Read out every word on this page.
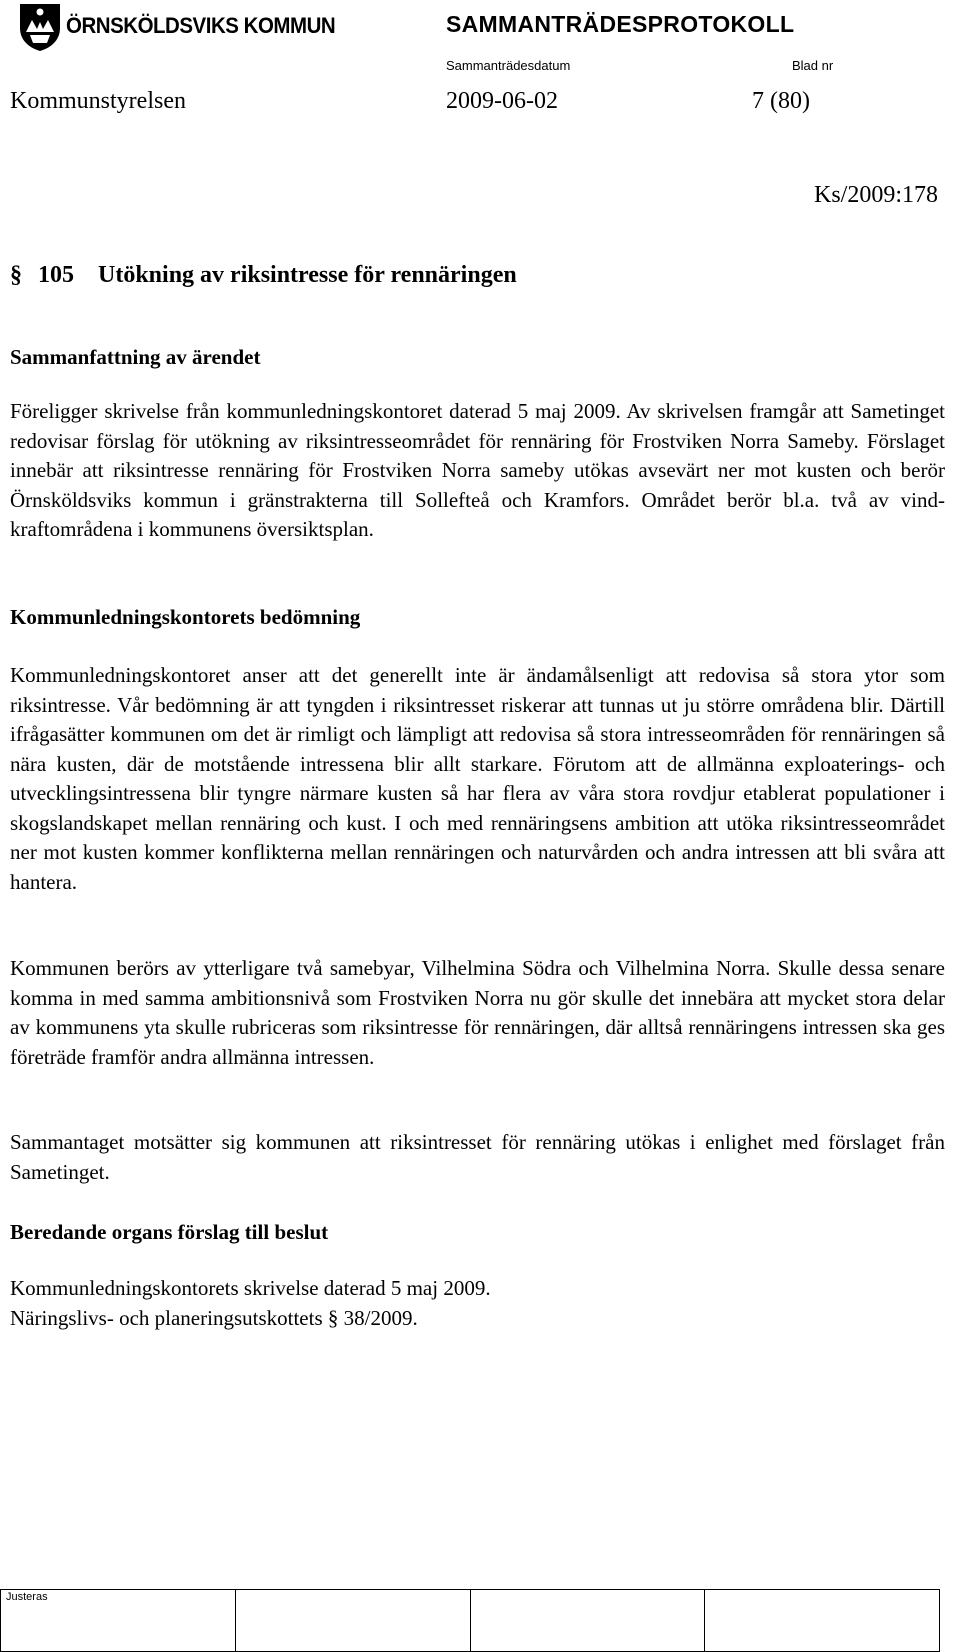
ÖRNSKÖLDSVIKS KOMMUN	SAMMANTRÄDESPROTOKOLL
Sammanträdesdatum	Blad nr
Kommunstyrelsen	2009-06-02	7 (80)
Ks/2009:178
§ 105 Utökning av riksintresse för rennäringen
Sammanfattning av ärendet

Föreligger skrivelse från kommunledningskontoret daterad 5 maj 2009. Av skrivelsen framgår att Sametinget redovisar förslag för utökning av riksintresseområdet för rennäring för Frostviken Norra Sameby. Förslaget innebär att riksintresse rennäring för Frostviken Norra sameby utökas avsevärt ner mot kusten och berör Örnsköldsviks kommun i gränstrakterna till Sollefteå och Kramfors. Området berör bl.a. två av vindkraftområdena i kommunens översiktsplan.

Kommunledningskontorets bedömning

Kommunledningskontoret anser att det generellt inte är ändamålsenligt att redovisa så stora ytor som riksintresse. Vår bedömning är att tyngden i riksintresset riskerar att tunnas ut ju större områdena blir. Därtill ifrågasätter kommunen om det är rimligt och lämpligt att redovisa så stora intresseområden för rennäringen så nära kusten, där de motstående intressena blir allt starkare. Förutom att de allmänna exploaterings- och utvecklingsintressena blir tyngre närmare kusten så har flera av våra stora rovdjur etablerat populationer i skogslandskapet mellan rennäring och kust. I och med rennäringsens ambition att utöka riksintresseområdet ner mot kusten kommer konflikterna mellan rennäringen och naturvården och andra intressen att bli svåra att hantera.

Kommunen berörs av ytterligare två samebyar, Vilhelmina Södra och Vilhelmina Norra. Skulle dessa senare komma in med samma ambitionsnivå som Frostviken Norra nu gör skulle det innebära att mycket stora delar av kommunens yta skulle rubriceras som riksintresse för rennäringen, där alltså rennäringens intressen ska ges företräde framför andra allmänna intressen.

Sammantaget motsätter sig kommunen att riksintresset för rennäring utökas i enlighet med förslaget från Sametinget.

Beredande organs förslag till beslut

Kommunledningskontorets skrivelse daterad 5 maj 2009.

Näringslivs- och planeringsutskottets § 38/2009.

Justeras
